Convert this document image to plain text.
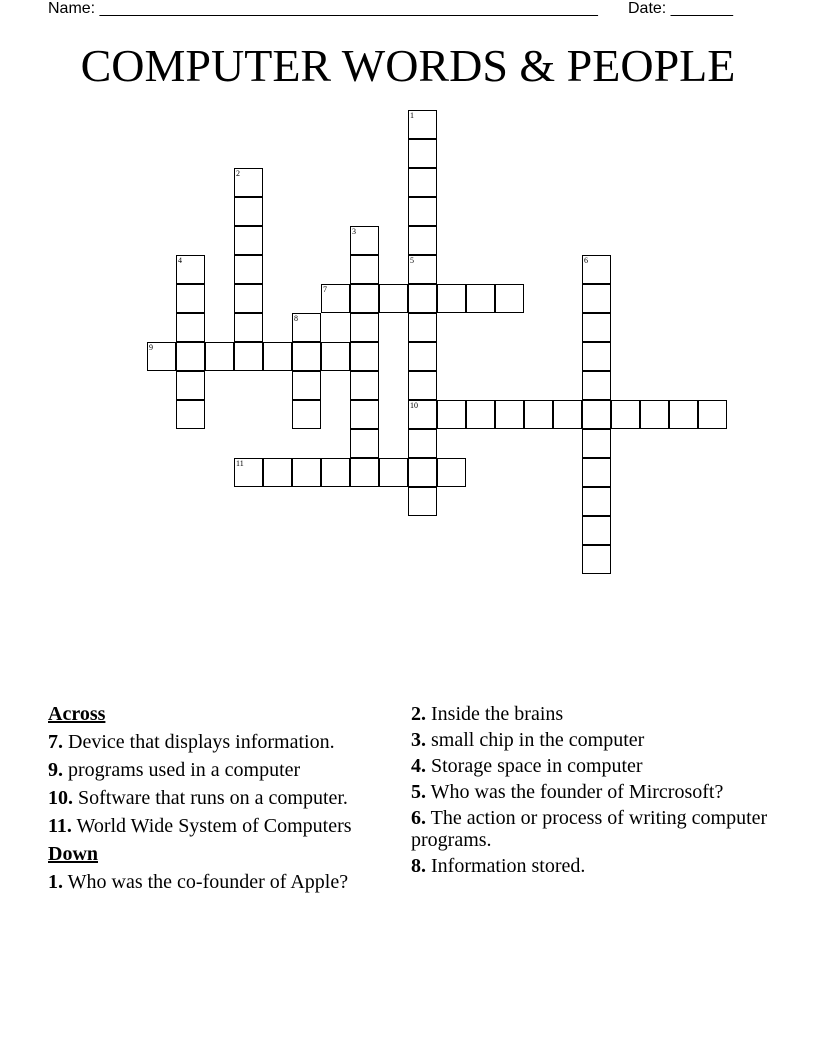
Name: ________________________________________________________ Date: _______
COMPUTER WORDS & PEOPLE
7
9
10
11
1
5
2
3
4	6
8
Across
7. Device that displays information.
9. programs used in a computer
10. Software that runs on a computer.
11. World Wide System of Computers
Down
1. Who was the co-founder of Apple?
2. Inside the brains
3. small chip in the computer
4. Storage space in computer
5. Who was the founder of Mircrosoft?
6. The action or process of writing computer programs.
8. Information stored.
